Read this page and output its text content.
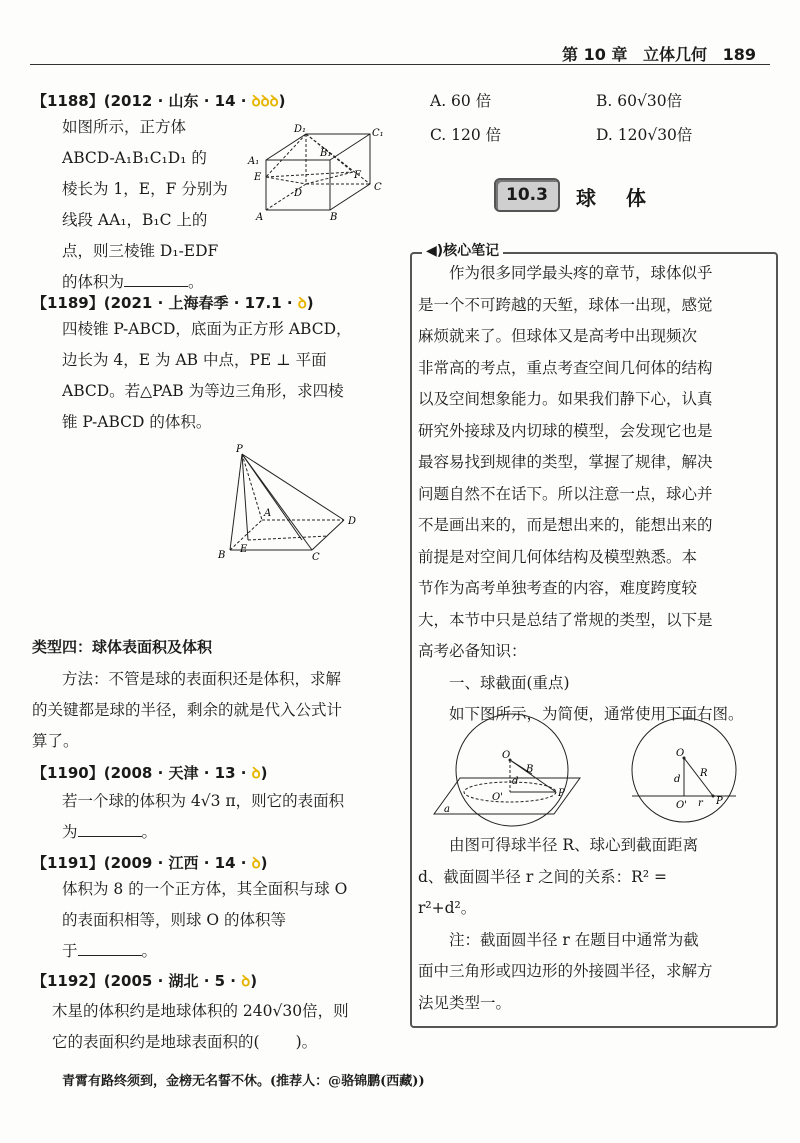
第 10 章 立体几何 189
【1188】(2012 · 山东 · 14 · ꝺꝺꝺ)
如图所示，正方体
ABCD-A₁B₁C₁D₁ 的
棱长为 1，E，F 分别为
线段 AA₁，B₁C 上的
点，则三棱锥 D₁-EDF
的体积为	。
D₁	C₁
A₁
B₁
E	F
D
C
A	B
【1189】(2021 · 上海春季 · 17.1 · ꝺ)
四棱锥 P-ABCD，底面为正方形 ABCD，
边长为 4，E 为 AB 中点，PE ⊥ 平面
ABCD。若△PAB 为等边三角形，求四棱
锥 P-ABCD 的体积。
P
A
D
B
E
C
类型四：球体表面积及体积
方法：不管是球的表面积还是体积，求解
的关键都是球的半径，剩余的就是代入公式计
算了。
【1190】(2008 · 天津 · 13 · ꝺ)
若一个球的体积为 4√3 π，则它的表面积
为	。
【1191】(2009 · 江西 · 14 · ꝺ)
体积为 8 的一个正方体，其全面积与球 O
的表面积相等，则球 O 的体积等
于	。
【1192】(2005 · 湖北 · 5 · ꝺ)
木星的体积约是地球体积的 240√30倍，则
它的表面积约是地球表面积的( )。
A. 60 倍	B. 60√30倍
C. 120 倍	D. 120√30倍
10.3	球体
◀)核心笔记
作为很多同学最头疼的章节，球体似乎
是一个不可跨越的天堑，球体一出现，感觉
麻烦就来了。但球体又是高考中出现频次
非常高的考点，重点考查空间几何体的结构
以及空间想象能力。如果我们静下心，认真
研究外接球及内切球的模型，会发现它也是
最容易找到规律的类型，掌握了规律，解决
问题自然不在话下。所以注意一点，球心并
不是画出来的，而是想出来的，能想出来的
前提是对空间几何体结构及模型熟悉。本
节作为高考单独考查的内容，难度跨度较
大，本节中只是总结了常规的类型，以下是
高考必备知识：
一、球截面(重点)
如下图所示，为简便，通常使用下面右图。
O
B
O'
d
P
a
O
R
d
O' r P
由图可得球半径 R、球心到截面距离
d、截面圆半径 r 之间的关系：R² =
r²+d²。
注：截面圆半径 r 在题目中通常为截
面中三角形或四边形的外接圆半径，求解方
法见类型一。
青霄有路终须到，金榜无名誓不休。(推荐人：@骆锦鹏(西藏))
